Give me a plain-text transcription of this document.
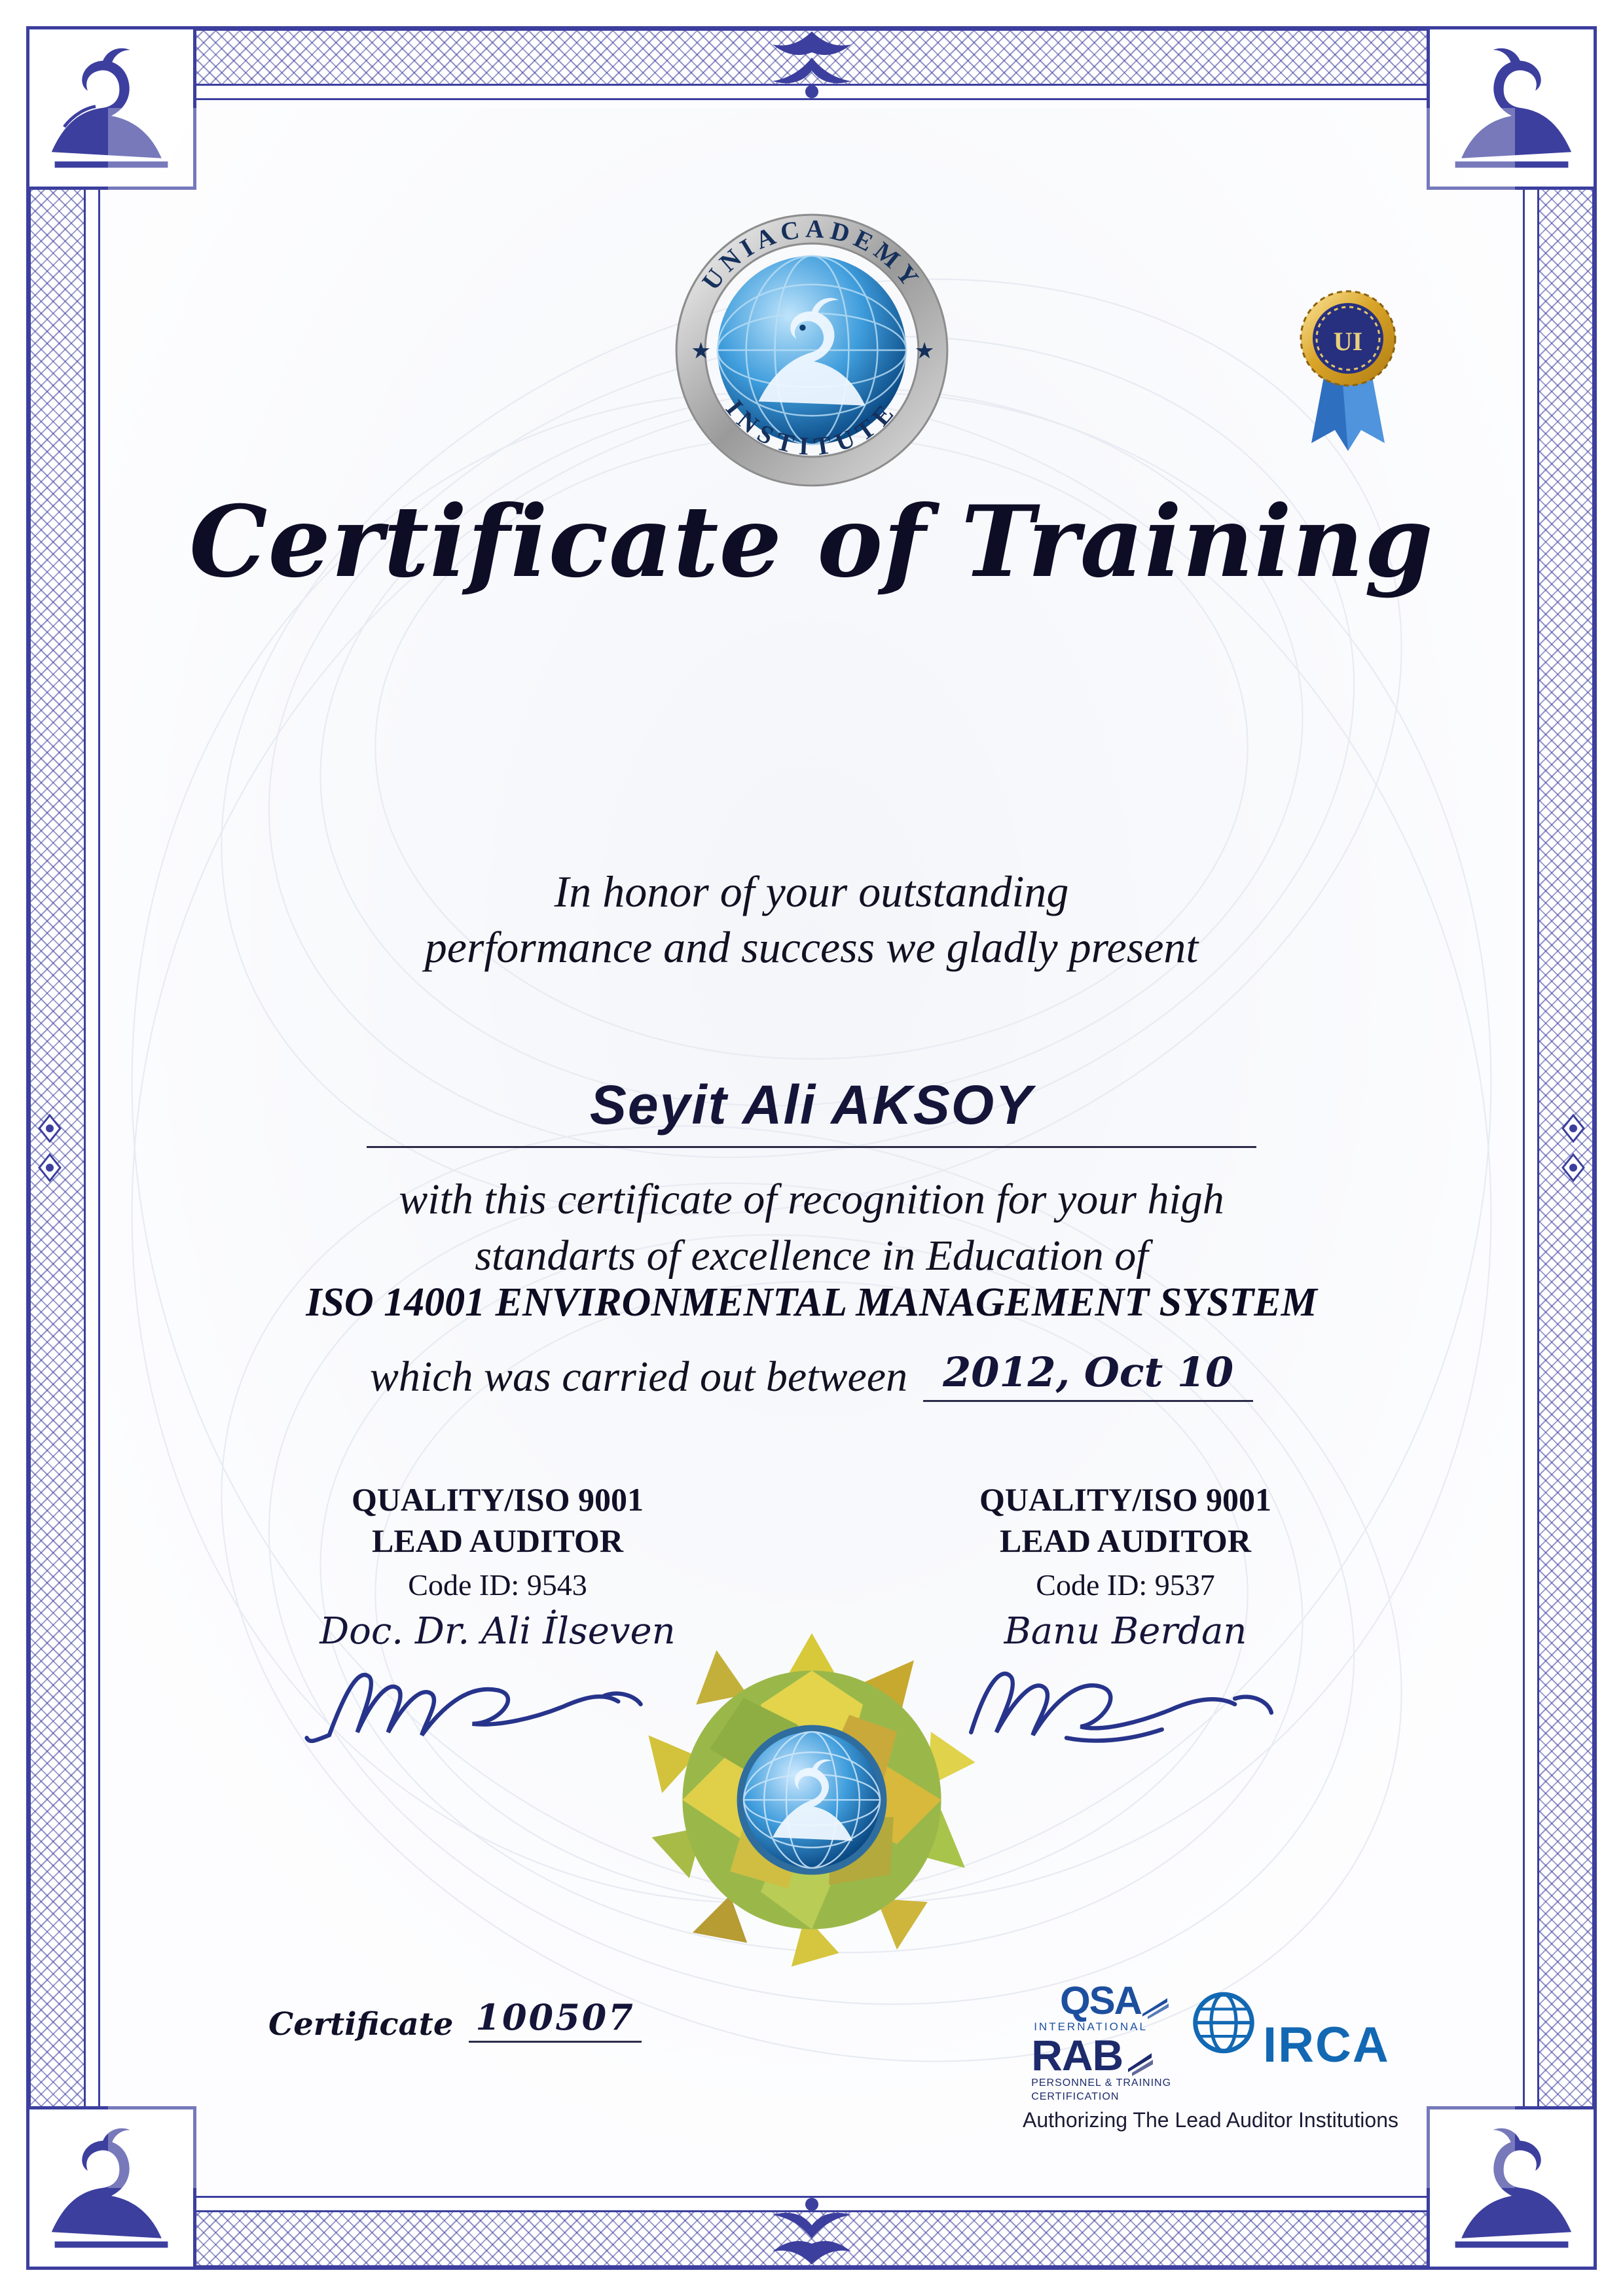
UNIACADEMY
INSTITUTE
★	★	UI
Certificate of Training
In honor of your outstanding
performance and success we gladly present
Seyit Ali AKSOY
with this certificate of recognition for your high
standarts of excellence in Education of
ISO 14001 ENVIRONMENTAL MANAGEMENT SYSTEM
which was carried out between 2012, Oct 10
QUALITY/ISO 9001
LEAD AUDITOR
Code ID: 9543
Doc. Dr. Ali İlseven
QUALITY/ISO 9001
LEAD AUDITOR
Code ID: 9537
Banu Berdan
Certificate 100507	QSA
INTERNATIONAL
RAB
PERSONNEL & TRAINING
CERTIFICATION
IRCA
Authorizing The Lead Auditor Institutions
